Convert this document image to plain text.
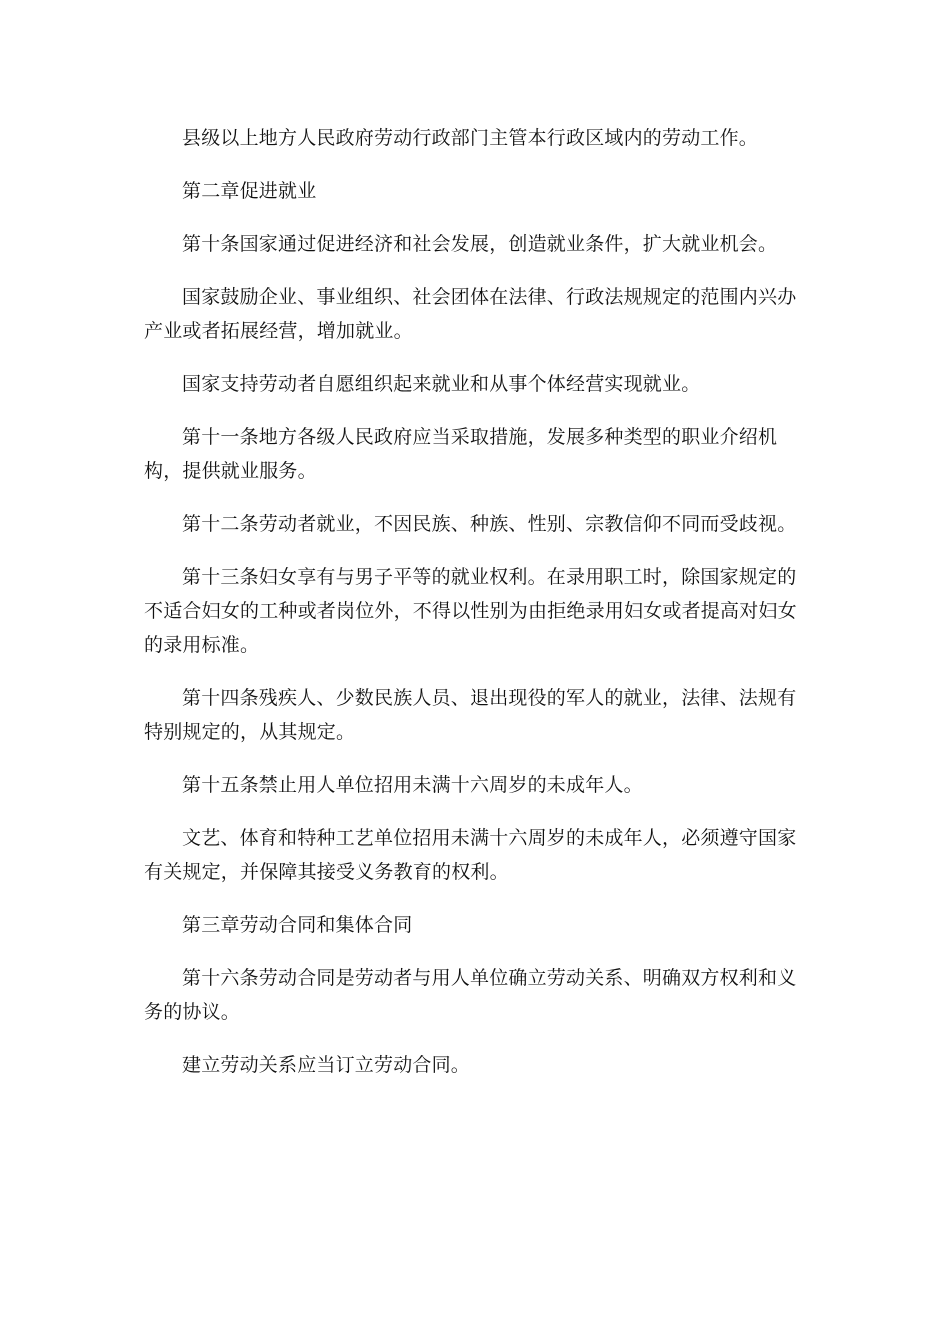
县级以上地方人民政府劳动行政部门主管本行政区域内的劳动工作。

第二章促进就业

第十条国家通过促进经济和社会发展，创造就业条件，扩大就业机会。

国家鼓励企业、事业组织、社会团体在法律、行政法规规定的范围内兴办产业或者拓展经营，增加就业。

国家支持劳动者自愿组织起来就业和从事个体经营实现就业。

第十一条地方各级人民政府应当采取措施，发展多种类型的职业介绍机构，提供就业服务。

第十二条劳动者就业，不因民族、种族、性别、宗教信仰不同而受歧视。

第十三条妇女享有与男子平等的就业权利。在录用职工时，除国家规定的不适合妇女的工种或者岗位外，不得以性别为由拒绝录用妇女或者提高对妇女的录用标准。

第十四条残疾人、少数民族人员、退出现役的军人的就业，法律、法规有特别规定的，从其规定。

第十五条禁止用人单位招用未满十六周岁的未成年人。

文艺、体育和特种工艺单位招用未满十六周岁的未成年人，必须遵守国家有关规定，并保障其接受义务教育的权利。

第三章劳动合同和集体合同

第十六条劳动合同是劳动者与用人单位确立劳动关系、明确双方权利和义务的协议。

建立劳动关系应当订立劳动合同。
